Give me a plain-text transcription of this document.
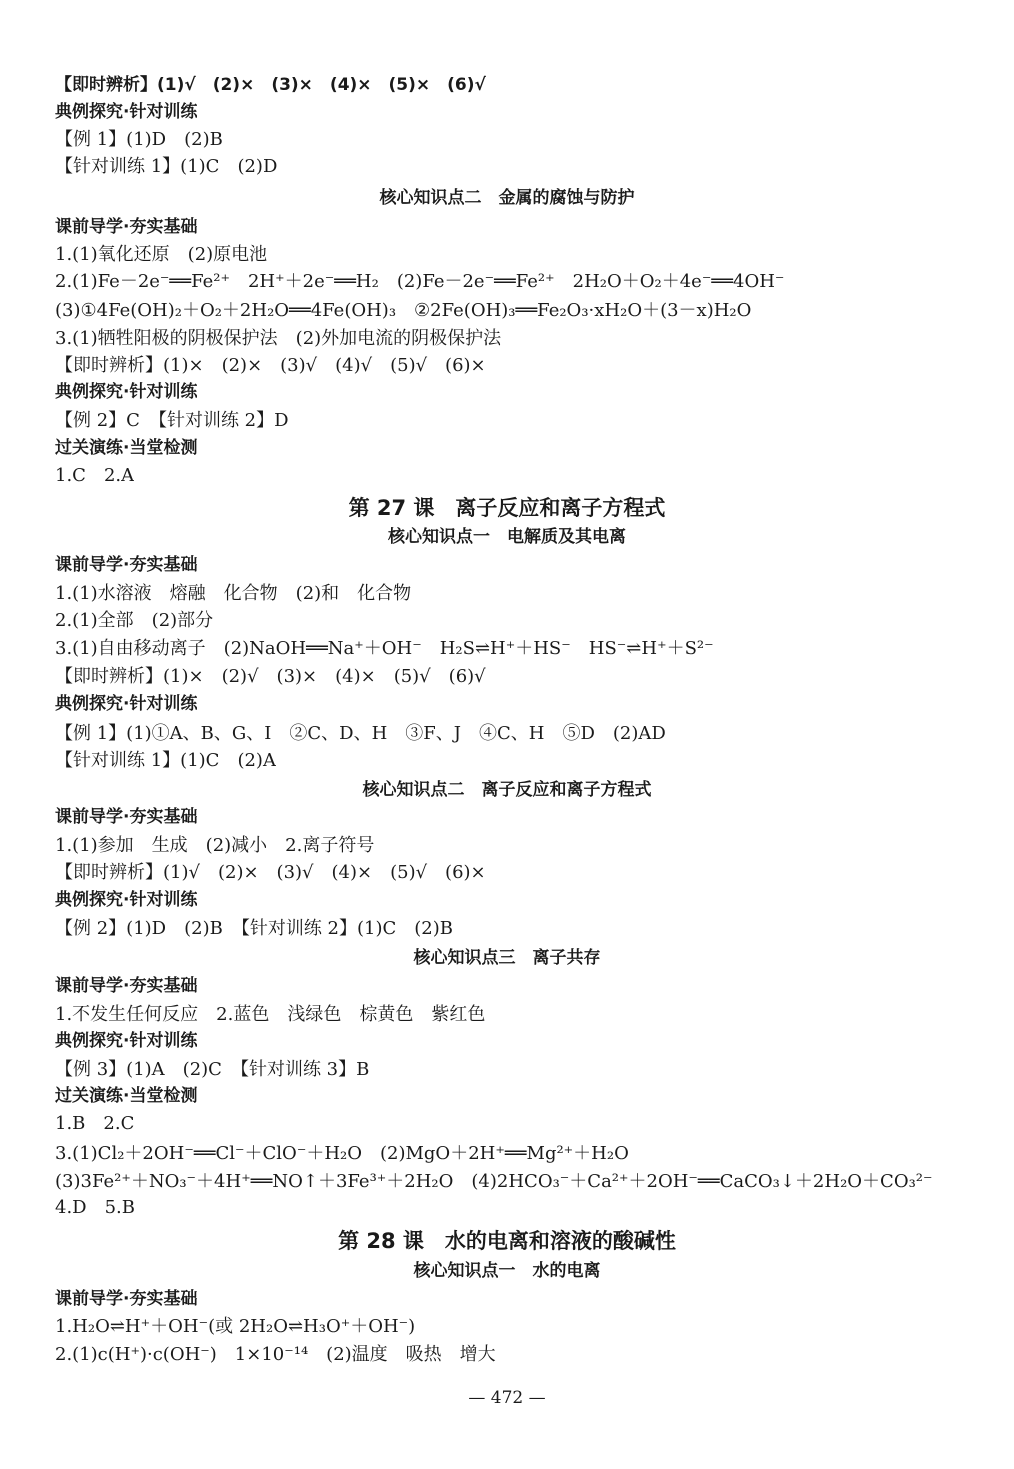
【即时辨析】(1)√　(2)×　(3)×　(4)×　(5)×　(6)√
典例探究·针对训练
【例 1】(1)D　(2)B
【针对训练 1】(1)C　(2)D
核心知识点二　金属的腐蚀与防护
课前导学·夯实基础
1.(1)氧化还原　(2)原电池
2.(1)Fe－2e⁻══Fe²⁺　2H⁺＋2e⁻══H₂　(2)Fe－2e⁻══Fe²⁺　2H₂O＋O₂＋4e⁻══4OH⁻
(3)①4Fe(OH)₂＋O₂＋2H₂O══4Fe(OH)₃　②2Fe(OH)₃══Fe₂O₃·xH₂O＋(3－x)H₂O
3.(1)牺牲阳极的阴极保护法　(2)外加电流的阴极保护法
【即时辨析】(1)×　(2)×　(3)√　(4)√　(5)√　(6)×
典例探究·针对训练
【例 2】C　【针对训练 2】D
过关演练·当堂检测
1.C　2.A
第 27 课　离子反应和离子方程式
核心知识点一　电解质及其电离
课前导学·夯实基础
1.(1)水溶液　熔融　化合物　(2)和　化合物
2.(1)全部　(2)部分
3.(1)自由移动离子　(2)NaOH══Na⁺＋OH⁻　H₂S⇌H⁺＋HS⁻　HS⁻⇌H⁺＋S²⁻
【即时辨析】(1)×　(2)√　(3)×　(4)×　(5)√　(6)√
典例探究·针对训练
【例 1】(1)①A、B、G、I　②C、D、H　③F、J　④C、H　⑤D　(2)AD
【针对训练 1】(1)C　(2)A
核心知识点二　离子反应和离子方程式
课前导学·夯实基础
1.(1)参加　生成　(2)减小　2.离子符号
【即时辨析】(1)√　(2)×　(3)√　(4)×　(5)√　(6)×
典例探究·针对训练
【例 2】(1)D　(2)B　【针对训练 2】(1)C　(2)B
核心知识点三　离子共存
课前导学·夯实基础
1.不发生任何反应　2.蓝色　浅绿色　棕黄色　紫红色
典例探究·针对训练
【例 3】(1)A　(2)C　【针对训练 3】B
过关演练·当堂检测
1.B　2.C
3.(1)Cl₂＋2OH⁻══Cl⁻＋ClO⁻＋H₂O　(2)MgO＋2H⁺══Mg²⁺＋H₂O
(3)3Fe²⁺＋NO₃⁻＋4H⁺══NO↑＋3Fe³⁺＋2H₂O　(4)2HCO₃⁻＋Ca²⁺＋2OH⁻══CaCO₃↓＋2H₂O＋CO₃²⁻
4.D　5.B
第 28 课　水的电离和溶液的酸碱性
核心知识点一　水的电离
课前导学·夯实基础
1.H₂O⇌H⁺＋OH⁻(或 2H₂O⇌H₃O⁺＋OH⁻)
2.(1)c(H⁺)·c(OH⁻)　1×10⁻¹⁴　(2)温度　吸热　增大
— 472 —
